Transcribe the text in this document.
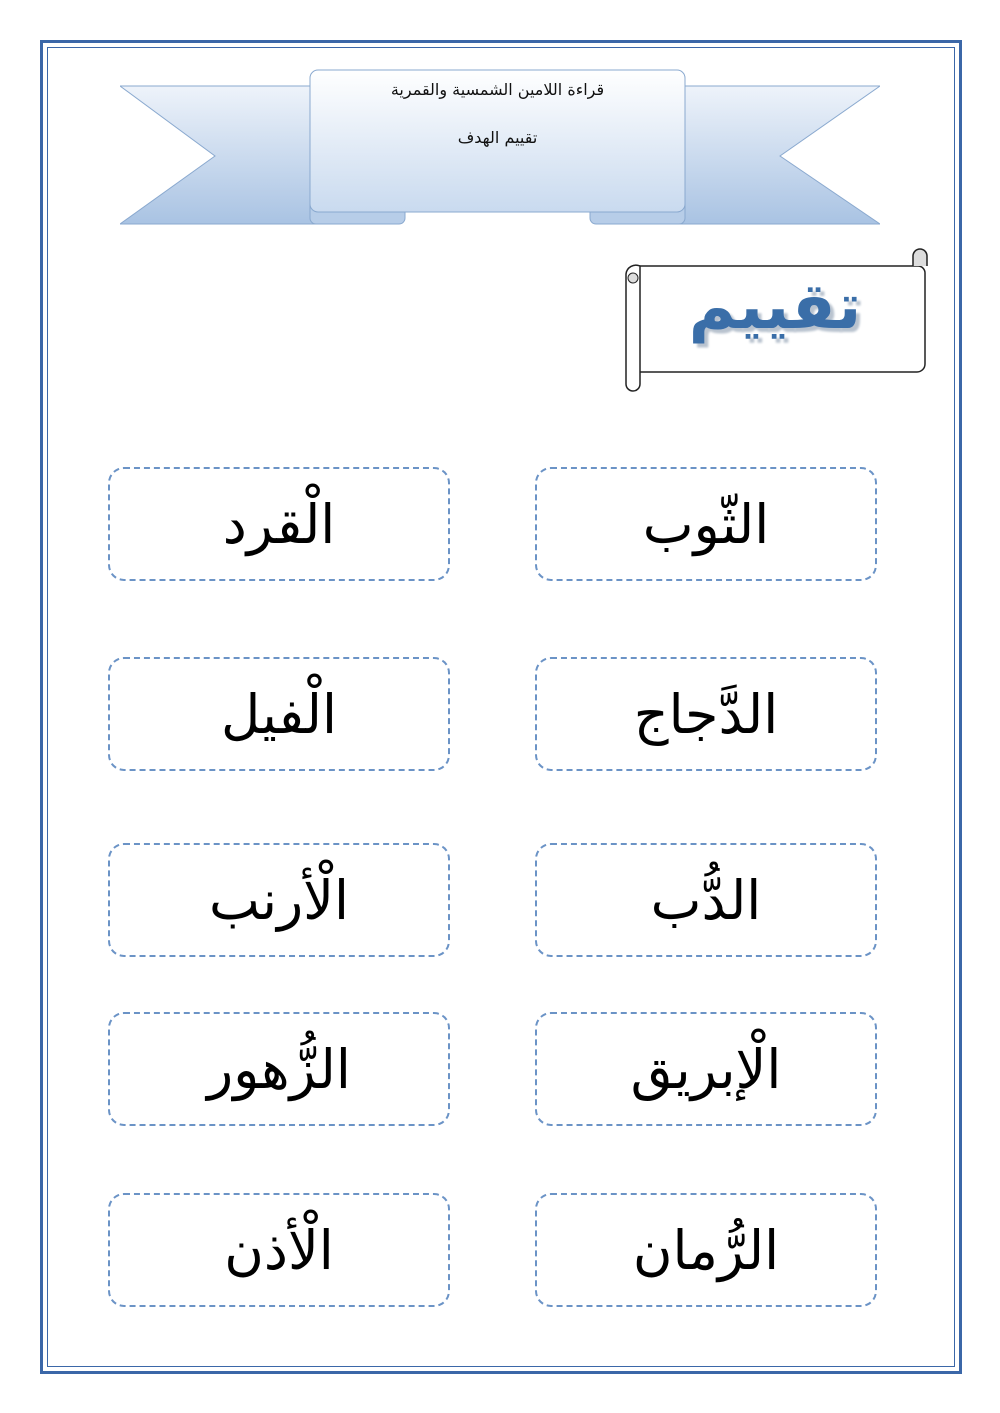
قراءة اللامين الشمسية والقمرية
تقييم الهدف
تقييم
الثّوب
الدَّجاج
الدُّب
الْإبريق
الرُّمان
الْقرد
الْفيل
الْأرنب
الزُّهور
الْأذن
